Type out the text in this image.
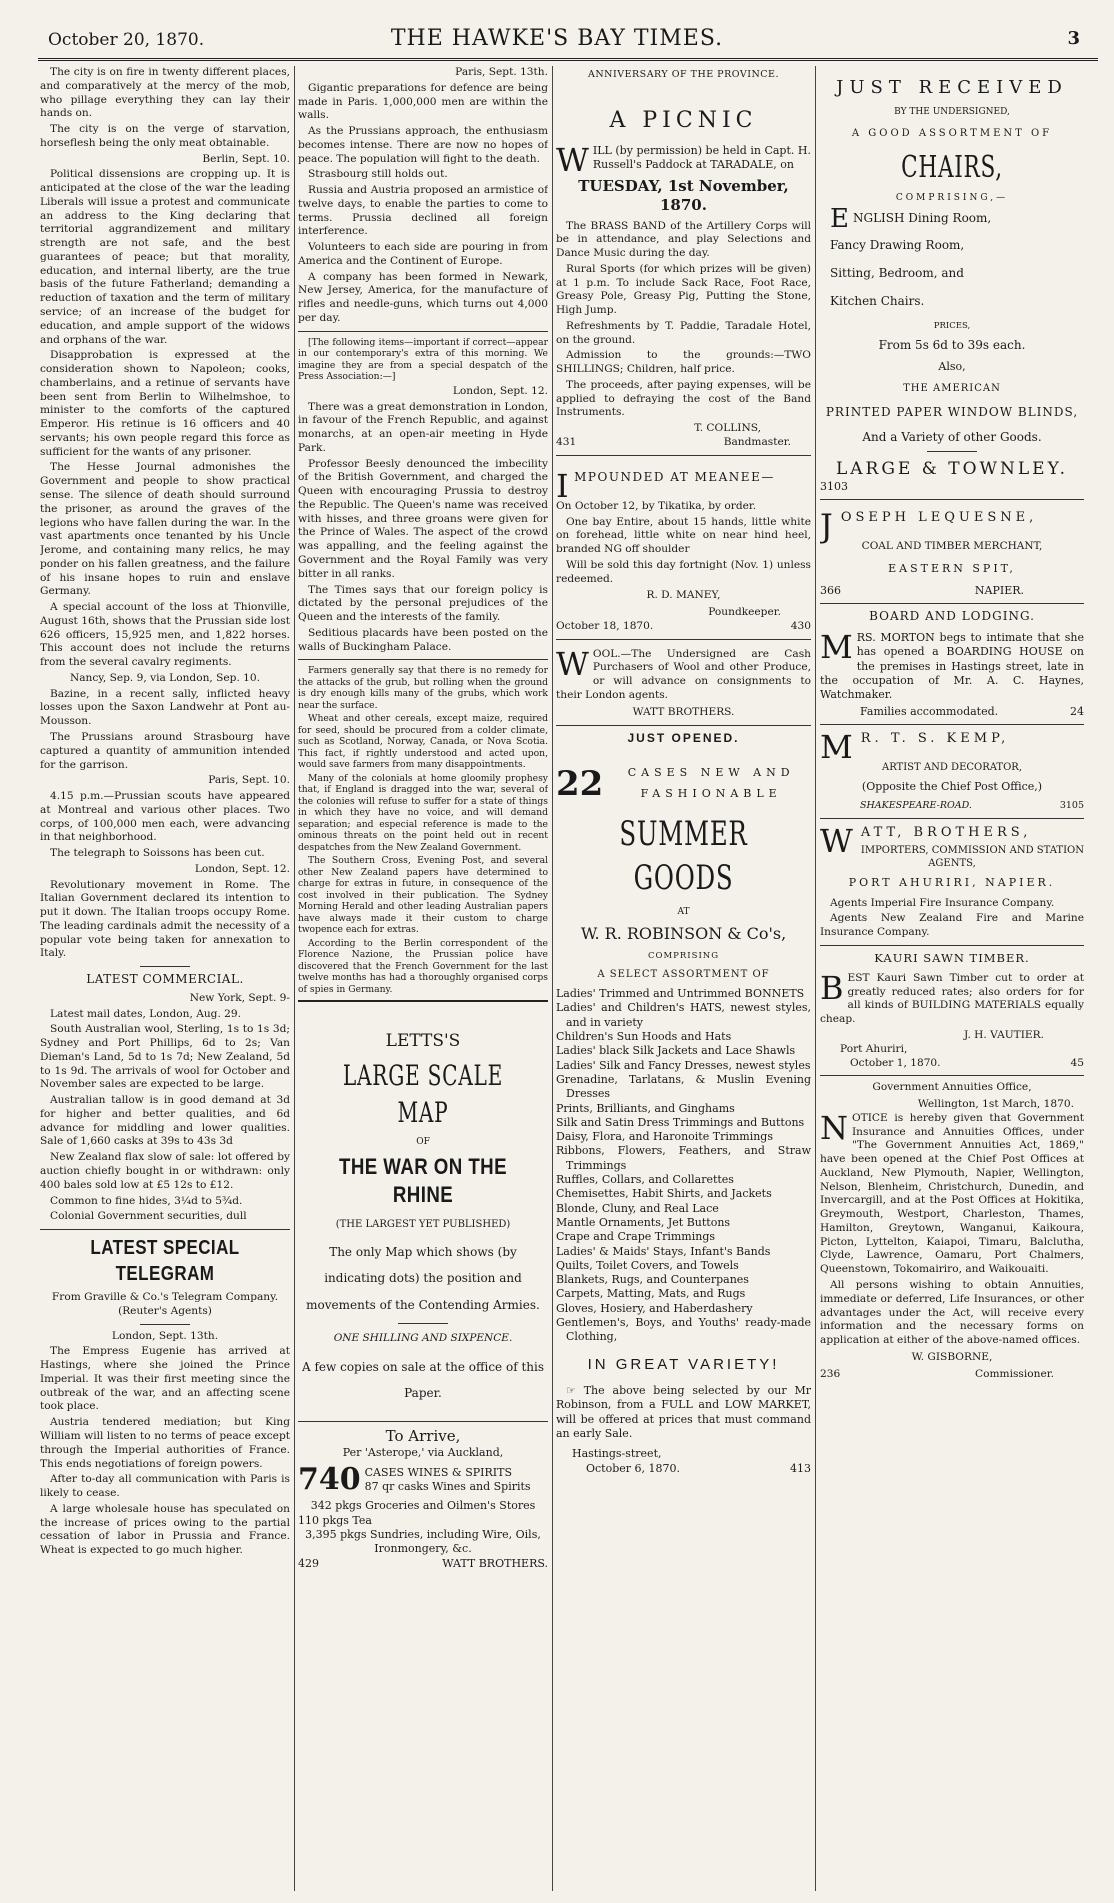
October 20, 1870.	THE HAWKE'S BAY TIMES.	3

The city is on fire in twenty different places, and comparatively at the mercy of the mob, who pillage everything they can lay their hands on.

The city is on the verge of starvation, horseflesh being the only meat obtainable.

Berlin, Sept. 10.

Political dissensions are cropping up. It is anticipated at the close of the war the leading Liberals will issue a protest and communicate an address to the King declaring that territorial aggrandizement and military strength are not safe, and the best guarantees of peace; but that morality, education, and internal liberty, are the true basis of the future Fatherland; demanding a reduction of taxation and the term of military service; of an increase of the budget for education, and ample support of the widows and orphans of the war.

Disapprobation is expressed at the consideration shown to Napoleon; cooks, chamberlains, and a retinue of servants have been sent from Berlin to Wilhelmshoe, to minister to the comforts of the captured Emperor. His retinue is 16 officers and 40 servants; his own people regard this force as sufficient for the wants of any prisoner.

The Hesse Journal admonishes the Government and people to show practical sense. The silence of death should surround the prisoner, as around the graves of the legions who have fallen during the war. In the vast apartments once tenanted by his Uncle Jerome, and containing many relics, he may ponder on his fallen greatness, and the failure of his insane hopes to ruin and enslave Germany.

A special account of the loss at Thionville, August 16th, shows that the Prussian side lost 626 officers, 15,925 men, and 1,822 horses. This account does not include the returns from the several cavalry regiments.

Nancy, Sep. 9, via London, Sep. 10.

Bazine, in a recent sally, inflicted heavy losses upon the Saxon Landwehr at Pont au-Mousson.

The Prussians around Strasbourg have captured a quantity of ammunition intended for the garrison.

Paris, Sept. 10.

4.15 p.m.—Prussian scouts have appeared at Montreal and various other places. Two corps, of 100,000 men each, were advancing in that neighborhood.

The telegraph to Soissons has been cut.

London, Sept. 12.

Revolutionary movement in Rome. The Italian Government declared its intention to put it down. The Italian troops occupy Rome. The leading cardinals admit the necessity of a popular vote being taken for annexation to Italy.

LATEST COMMERCIAL.

New York, Sept. 9-

Latest mail dates, London, Aug. 29.

South Australian wool, Sterling, 1s to 1s 3d; Sydney and Port Phillips, 6d to 2s; Van Dieman's Land, 5d to 1s 7d; New Zealand, 5d to 1s 9d. The arrivals of wool for October and November sales are expected to be large.

Australian tallow is in good demand at 3d for higher and better qualities, and 6d advance for middling and lower qualities. Sale of 1,660 casks at 39s to 43s 3d

New Zealand flax slow of sale: lot offered by auction chiefly bought in or withdrawn: only 400 bales sold low at £5 12s to £12.

Common to fine hides, 3¼d to 5¾d.

Colonial Government securities, dull

LATEST SPECIAL TELEGRAM

From Graville & Co.'s Telegram Company. (Reuter's Agents)

London, Sept. 13th.

The Empress Eugenie has arrived at Hastings, where she joined the Prince Imperial. It was their first meeting since the outbreak of the war, and an affecting scene took place.

Austria tendered mediation; but King William will listen to no terms of peace except through the Imperial authorities of France. This ends negotiations of foreign powers.

After to-day all communication with Paris is likely to cease.

A large wholesale house has speculated on the increase of prices owing to the partial cessation of labor in Prussia and France. Wheat is expected to go much higher.

Paris, Sept. 13th.

Gigantic preparations for defence are being made in Paris. 1,000,000 men are within the walls.

As the Prussians approach, the enthusiasm becomes intense. There are now no hopes of peace. The population will fight to the death.

Strasbourg still holds out.

Russia and Austria proposed an armistice of twelve days, to enable the parties to come to terms. Prussia declined all foreign interference.

Volunteers to each side are pouring in from America and the Continent of Europe.

A company has been formed in Newark, New Jersey, America, for the manufacture of rifles and needle-guns, which turns out 4,000 per day.

[The following items—important if correct—appear in our contemporary's extra of this morning. We imagine they are from a special despatch of the Press Association:—]

London, Sept. 12.

There was a great demonstration in London, in favour of the French Republic, and against monarchs, at an open-air meeting in Hyde Park.

Professor Beesly denounced the imbecility of the British Government, and charged the Queen with encouraging Prussia to destroy the Republic. The Queen's name was received with hisses, and three groans were given for the Prince of Wales. The aspect of the crowd was appalling, and the feeling against the Government and the Royal Family was very bitter in all ranks.

The Times says that our foreign policy is dictated by the personal prejudices of the Queen and the interests of the family.

Seditious placards have been posted on the walls of Buckingham Palace.

Farmers generally say that there is no remedy for the attacks of the grub, but rolling when the ground is dry enough kills many of the grubs, which work near the surface.

Wheat and other cereals, except maize, required for seed, should be procured from a colder climate, such as Scotland, Norway, Canada, or Nova Scotia. This fact, if rightly understood and acted upon, would save farmers from many disappointments.

Many of the colonials at home gloomily prophesy that, if England is dragged into the war, several of the colonies will refuse to suffer for a state of things in which they have no voice, and will demand separation; and especial reference is made to the ominous threats on the point held out in recent despatches from the New Zealand Government.

The Southern Cross, Evening Post, and several other New Zealand papers have determined to charge for extras in future, in consequence of the cost involved in their publication. The Sydney Morning Herald and other leading Australian papers have always made it their custom to charge twopence each for extras.

According to the Berlin correspondent of the Florence Nazione, the Prussian police have discovered that the French Government for the last twelve months has had a thoroughly organised corps of spies in Germany.

LETTS'S
LARGE SCALE MAP
OF
THE WAR ON THE RHINE
(THE LARGEST YET PUBLISHED)

The only Map which shows (by indicating dots) the position and movements of the Contending Armies.

ONE SHILLING AND SIXPENCE.

A few copies on sale at the office of this Paper.

To Arrive,
Per 'Asterope,' via Auckland,
740 CASES WINES & SPIRITS
87 qr casks Wines and Spirits
342 pkgs Groceries and Oilmen's Stores
110 pkgs Tea
3,395 pkgs Sundries, including Wire, Oils, Ironmongery, &c.
429	WATT BROTHERS.
ANNIVERSARY OF THE PROVINCE.
A PICNIC

WILL (by permission) be held in Capt. H. Russell's Paddock at TARADALE, on

TUESDAY, 1st November, 1870.

The BRASS BAND of the Artillery Corps will be in attendance, and play Selections and Dance Music during the day.

Rural Sports (for which prizes will be given) at 1 p.m. To include Sack Race, Foot Race, Greasy Pole, Greasy Pig, Putting the Stone, High Jump.

Refreshments by T. Paddie, Taradale Hotel, on the ground.

Admission to the grounds:—TWO SHILLINGS; Children, half price.

The proceeds, after paying expenses, will be applied to defraying the cost of the Band Instruments.

T. COLLINS,
431	Bandmaster.

IMPOUNDED AT MEANEE—

On October 12, by Tikatika, by order.

One bay Entire, about 15 hands, little white on forehead, little white on near hind heel, branded NG off shoulder

Will be sold this day fortnight (Nov. 1) unless redeemed.

R. D. MANEY,
Poundkeeper.
October 18, 1870.	430

WOOL.—The Undersigned are Cash Purchasers of Wool and other Produce, or will advance on consignments to their London agents.

WATT BROTHERS.
JUST OPENED.
22	CASES NEW AND FASHIONABLE
SUMMER GOODS
AT
W. R. ROBINSON & Co's,
COMPRISING
A SELECT ASSORTMENT OF

Ladies' Trimmed and Untrimmed BONNETS

Ladies' and Children's HATS, newest styles, and in variety

Children's Sun Hoods and Hats

Ladies' black Silk Jackets and Lace Shawls

Ladies' Silk and Fancy Dresses, newest styles

Grenadine, Tarlatans, & Muslin Evening Dresses

Prints, Brilliants, and Ginghams

Silk and Satin Dress Trimmings and Buttons

Daisy, Flora, and Haronoite Trimmings

Ribbons, Flowers, Feathers, and Straw Trimmings

Ruffles, Collars, and Collarettes

Chemisettes, Habit Shirts, and Jackets

Blonde, Cluny, and Real Lace

Mantle Ornaments, Jet Buttons

Crape and Crape Trimmings

Ladies' & Maids' Stays, Infant's Bands

Quilts, Toilet Covers, and Towels

Blankets, Rugs, and Counterpanes

Carpets, Matting, Mats, and Rugs

Gloves, Hosiery, and Haberdashery

Gentlemen's, Boys, and Youths' ready-made Clothing,

IN GREAT VARIETY!

☞ The above being selected by our Mr Robinson, from a FULL and LOW MARKET, will be offered at prices that must command an early Sale.

Hastings-street,
October 6, 1870.	413
JUST RECEIVED
BY THE UNDERSIGNED,
A GOOD ASSORTMENT OF
CHAIRS,
COMPRISING,—
ENGLISH Dining Room,
Fancy Drawing Room,
Sitting, Bedroom, and
Kitchen Chairs.
PRICES,
From 5s 6d to 39s each.
Also,
THE AMERICAN
PRINTED PAPER WINDOW BLINDS,
And a Variety of other Goods.
LARGE & TOWNLEY.
3103

JOSEPH LEQUESNE,

COAL AND TIMBER MERCHANT,
EASTERN SPIT,
366	NAPIER.
BOARD AND LODGING.

MRS. MORTON begs to intimate that she has opened a BOARDING HOUSE on the premises in Hastings street, late in the occupation of Mr. A. C. Haynes, Watchmaker.

Families accommodated.	24

M R. T. S. KEMP,

ARTIST AND DECORATOR,
(Opposite the Chief Post Office,)
SHAKESPEARE-ROAD.	3105

WATT, BROTHERS,

IMPORTERS, COMMISSION AND STATION AGENTS,
PORT AHURIRI, NAPIER.

Agents Imperial Fire Insurance Company.

Agents New Zealand Fire and Marine Insurance Company.

KAURI SAWN TIMBER.

BEST Kauri Sawn Timber cut to order at greatly reduced rates; also orders for for all kinds of BUILDING MATERIALS equally cheap.

J. H. VAUTIER.
Port Ahuriri,
October 1, 1870.	45
Government Annuities Office,
Wellington, 1st March, 1870.

NOTICE is hereby given that Government Insurance and Annuities Offices, under "The Government Annuities Act, 1869," have been opened at the Chief Post Offices at Auckland, New Plymouth, Napier, Wellington, Nelson, Blenheim, Christchurch, Dunedin, and Invercargill, and at the Post Offices at Hokitika, Greymouth, Westport, Charleston, Thames, Hamilton, Greytown, Wanganui, Kaikoura, Picton, Lyttelton, Kaiapoi, Timaru, Balclutha, Clyde, Lawrence, Oamaru, Port Chalmers, Queenstown, Tokomairiro, and Waikouaiti.

All persons wishing to obtain Annuities, immediate or deferred, Life Insurances, or other advantages under the Act, will receive every information and the necessary forms on application at either of the above-named offices.

W. GISBORNE,
236	Commissioner.
